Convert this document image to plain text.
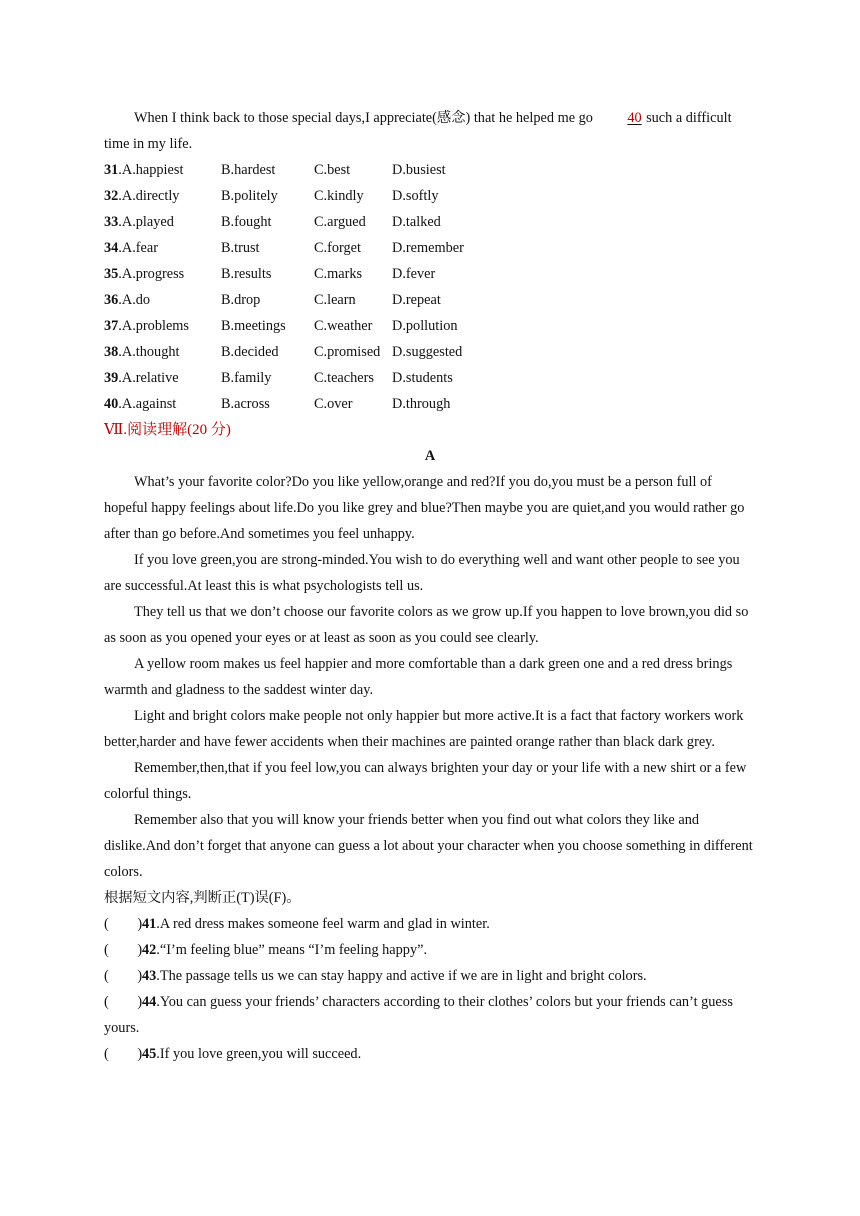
When I think back to those special days,I appreciate(感念) that he helped me go 40 such a difficult time in my life.

31.A.happiest	B.hardest	C.best	D.busiest
32.A.directly	B.politely	C.kindly	D.softly
33.A.played	B.fought	C.argued	D.talked
34.A.fear	B.trust	C.forget	D.remember
35.A.progress	B.results	C.marks	D.fever
36.A.do	B.drop	C.learn	D.repeat
37.A.problems	B.meetings	C.weather	D.pollution
38.A.thought	B.decided	C.promised D.suggested
39.A.relative	B.family	C.teachers	D.students
40.A.against	B.across	C.over	D.through
Ⅶ.阅读理解(20 分)
A

What’s your favorite color?Do you like yellow,orange and red?If you do,you must be a person full of hopeful happy feelings about life.Do you like grey and blue?Then maybe you are quiet,and you would rather go after than go before.And sometimes you feel unhappy.

If you love green,you are strong-minded.You wish to do everything well and want other people to see you are successful.At least this is what psychologists tell us.

They tell us that we don’t choose our favorite colors as we grow up.If you happen to love brown,you did so as soon as you opened your eyes or at least as soon as you could see clearly.

A yellow room makes us feel happier and more comfortable than a dark green one and a red dress brings warmth and gladness to the saddest winter day.

Light and bright colors make people not only happier but more active.It is a fact that factory workers work better,harder and have fewer accidents when their machines are painted orange rather than black dark grey.

Remember,then,that if you feel low,you can always brighten your day or your life with a new shirt or a few colorful things.

Remember also that you will know your friends better when you find out what colors they like and dislike.And don’t forget that anyone can guess a lot about your character when you choose something in different colors.

根据短文内容,判断正(T)误(F)。
(　　)41.A red dress makes someone feel warm and glad in winter.
(　　)42.“I’m feeling blue” means “I’m feeling happy”.
(　　)43.The passage tells us we can stay happy and active if we are in light and bright colors.
(　　)44.You can guess your friends’ characters according to their clothes’ colors but your friends can’t guess yours.
(　　)45.If you love green,you will succeed.
